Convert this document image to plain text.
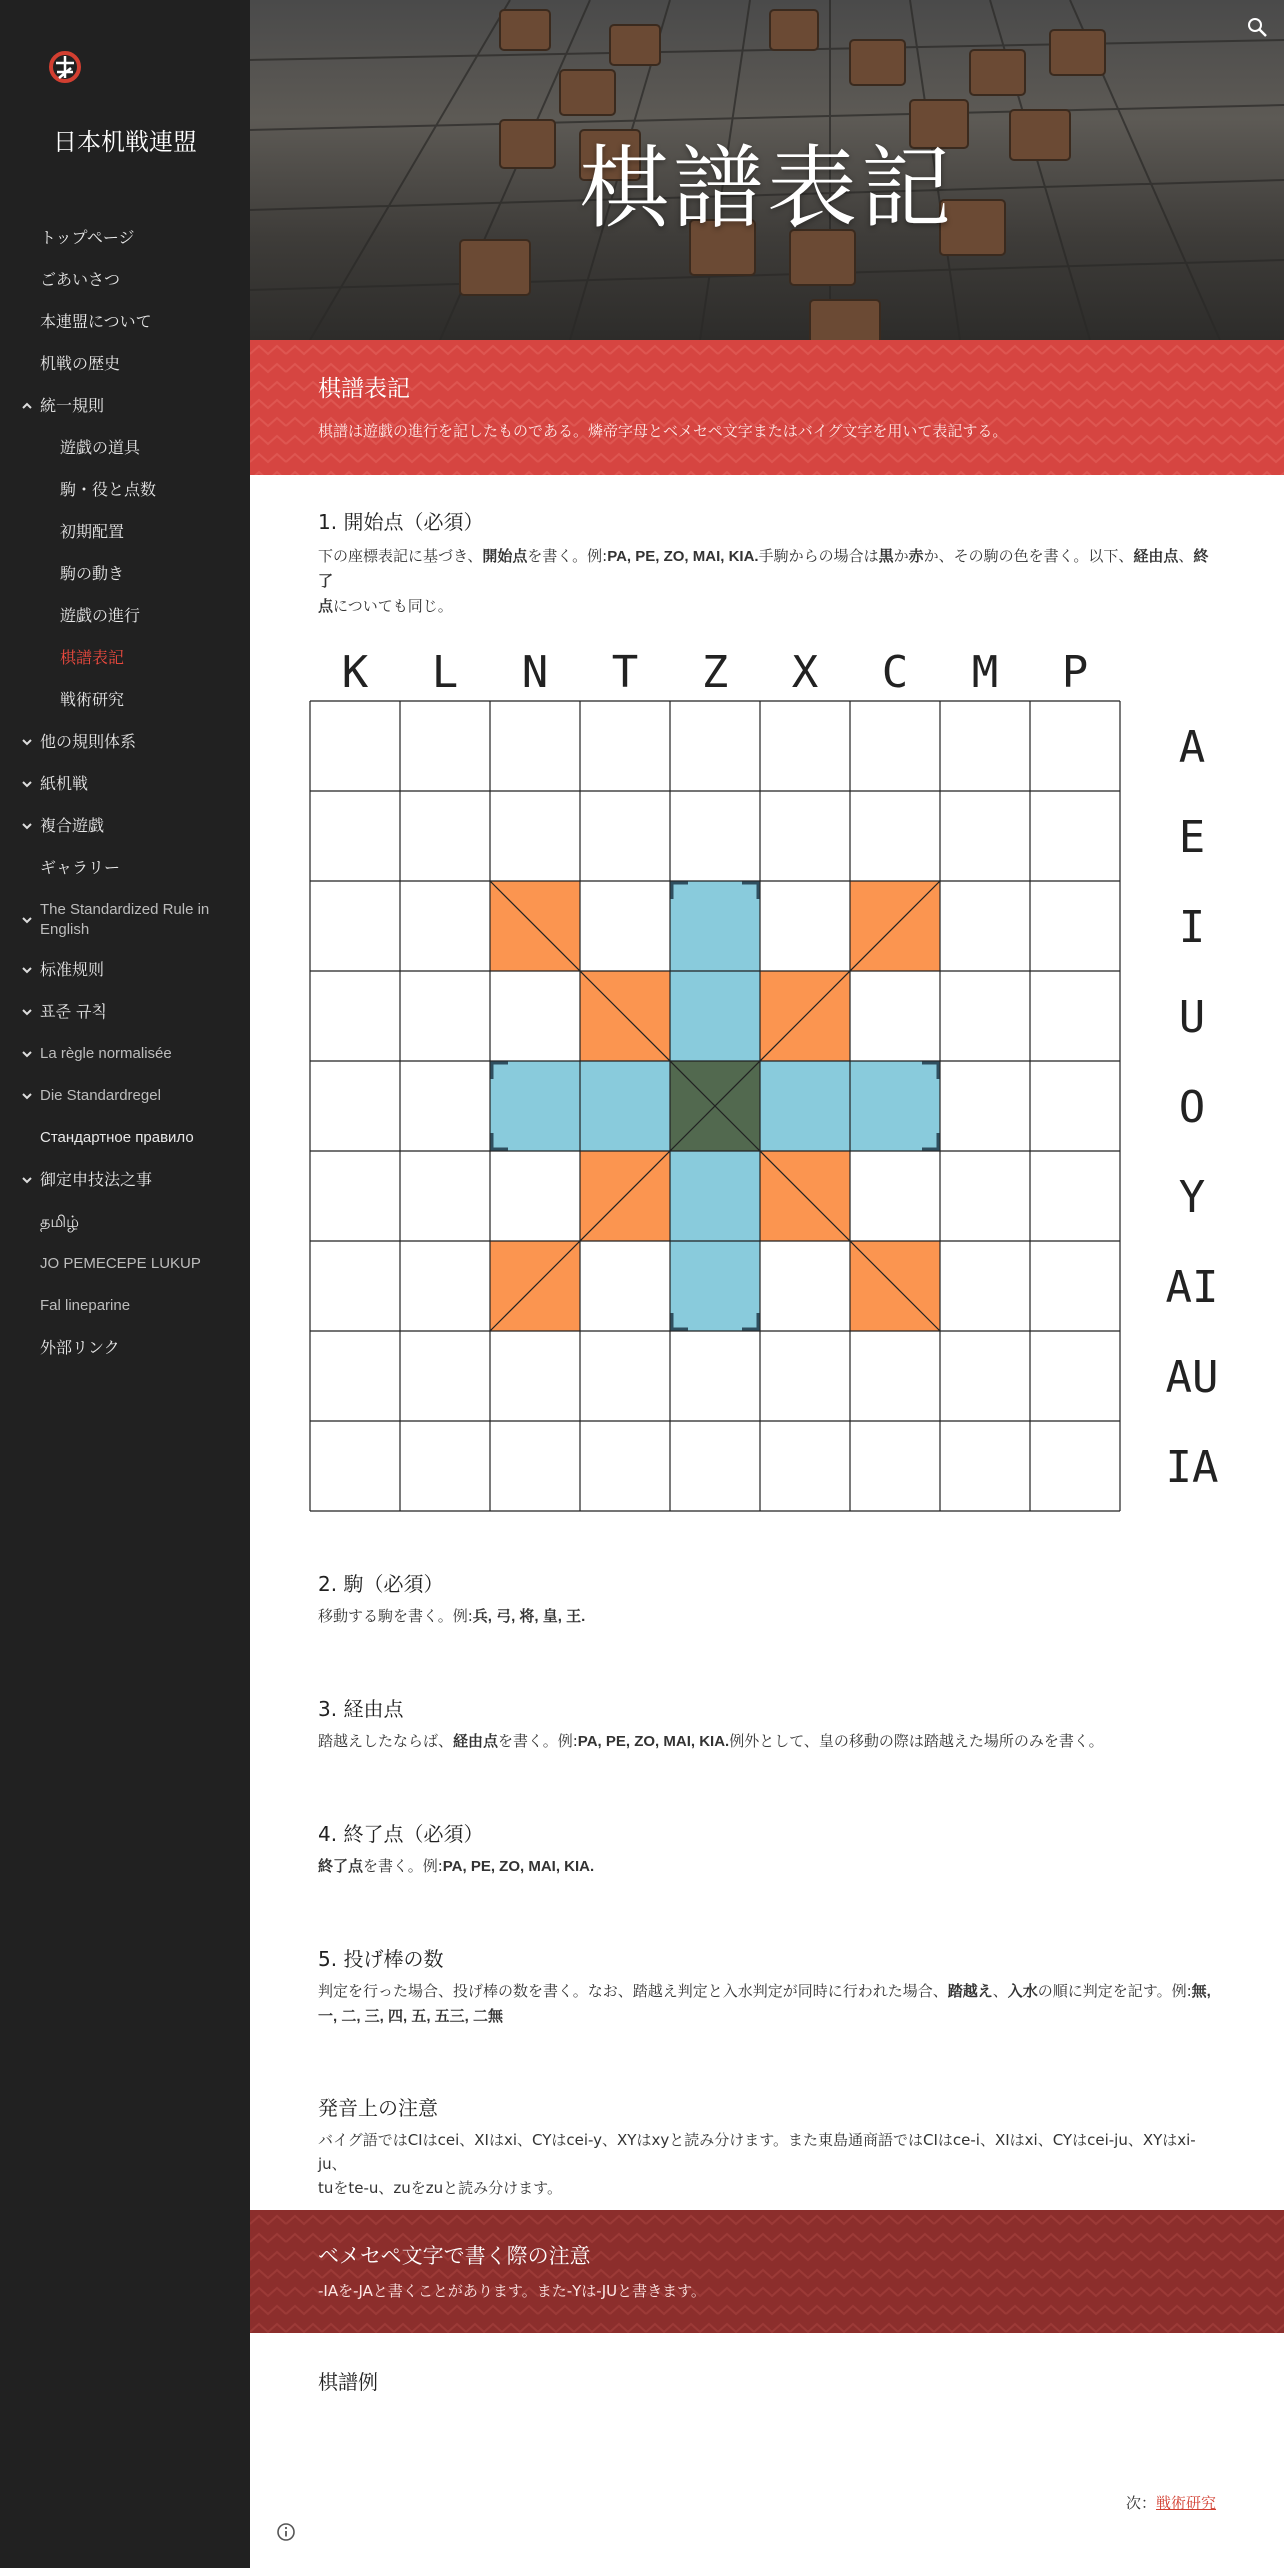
日本机戦連盟
トップページ
ごあいさつ
本連盟について
机戦の歴史
統一規則
遊戯の道具
駒・役と点数
初期配置
駒の動き
遊戯の進行
棋譜表記
戦術研究
他の規則体系
紙机戦
複合遊戯
ギャラリー
The Standardized Rule in English
标准规则
표준 규칙
La règle normalisée
Die Standardregel
Стандартное правило
御定申技法之事
தமிழ்
JO PEMECEPE LUKUP
Fal lineparine
外部リンク
棋譜表記
棋譜表記
棋譜は遊戯の進行を記したものである。燐帝字母とベメセペ文字またはバイグ文字を用いて表記する。
1. 開始点（必須）
下の座標表記に基づき、開始点を書く。例:PA, PE, ZO, MAI, KIA.手駒からの場合は黒か赤か、その駒の色を書く。以下、経由点、終了
点についても同じ。
K L N T Z X C M P
A
E
I
U
O
Y
AI
AU
IA
2. 駒（必須）
移動する駒を書く。例:兵, 弓, 将, 皇, 王.
3. 経由点
踏越えしたならば、経由点を書く。例:PA, PE, ZO, MAI, KIA.例外として、皇の移動の際は踏越えた場所のみを書く。
4. 終了点（必須）
終了点を書く。例:PA, PE, ZO, MAI, KIA.
5. 投げ棒の数
判定を行った場合、投げ棒の数を書く。なお、踏越え判定と入水判定が同時に行われた場合、踏越え、入水の順に判定を記す。例:無,
一, 二, 三, 四, 五, 五三, 二無
発音上の注意
バイグ語ではCIはcei、XIはxi、CYはcei-y、XYはxyと読み分けます。また東島通商語ではCIはce-i、XIはxi、CYはcei-ju、XYはxi-ju、
tuをte-u、zuをzuと読み分けます。
ベメセペ文字で書く際の注意
-IAを-JAと書くことがあります。また-Yは-JUと書きます。
棋譜例
次：戦術研究
